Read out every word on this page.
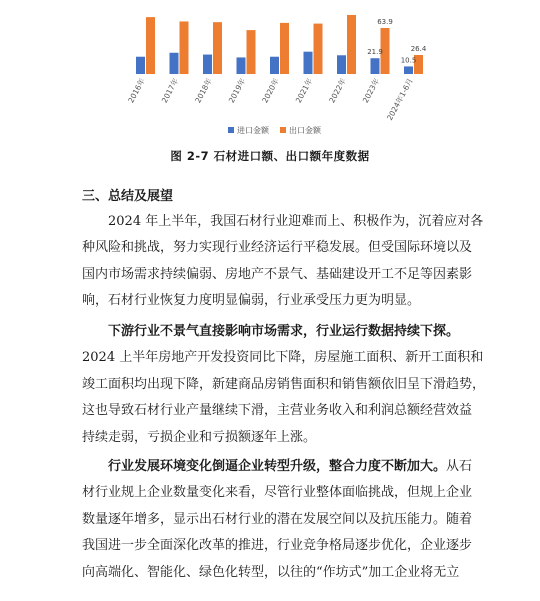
21.9
63.9
10.5
26.4
2016年 2017年 2018年 2019年 2020年 2021年 2022年 2023年 2024年1-6月
进口金额	出口金额
图 2-7 石材进口额、出口额年度数据
三、总结及展望
2024 年上半年，我国石材行业迎难而上、积极作为，沉着应对各
种风险和挑战，努力实现行业经济运行平稳发展。但受国际环境以及
国内市场需求持续偏弱、房地产不景气、基础建设开工不足等因素影
响，石材行业恢复力度明显偏弱，行业承受压力更为明显。
下游行业不景气直接影响市场需求，行业运行数据持续下探。
2024 上半年房地产开发投资同比下降，房屋施工面积、新开工面积和
竣工面积均出现下降，新建商品房销售面积和销售额依旧呈下滑趋势，
这也导致石材行业产量继续下滑，主营业务收入和利润总额经营效益
持续走弱，亏损企业和亏损额逐年上涨。
行业发展环境变化倒逼企业转型升级，整合力度不断加大。从石
材行业规上企业数量变化来看，尽管行业整体面临挑战，但规上企业
数量逐年增多，显示出石材行业的潜在发展空间以及抗压能力。随着
我国进一步全面深化改革的推进，行业竞争格局逐步优化，企业逐步
向高端化、智能化、绿色化转型，以往的“作坊式”加工企业将无立
